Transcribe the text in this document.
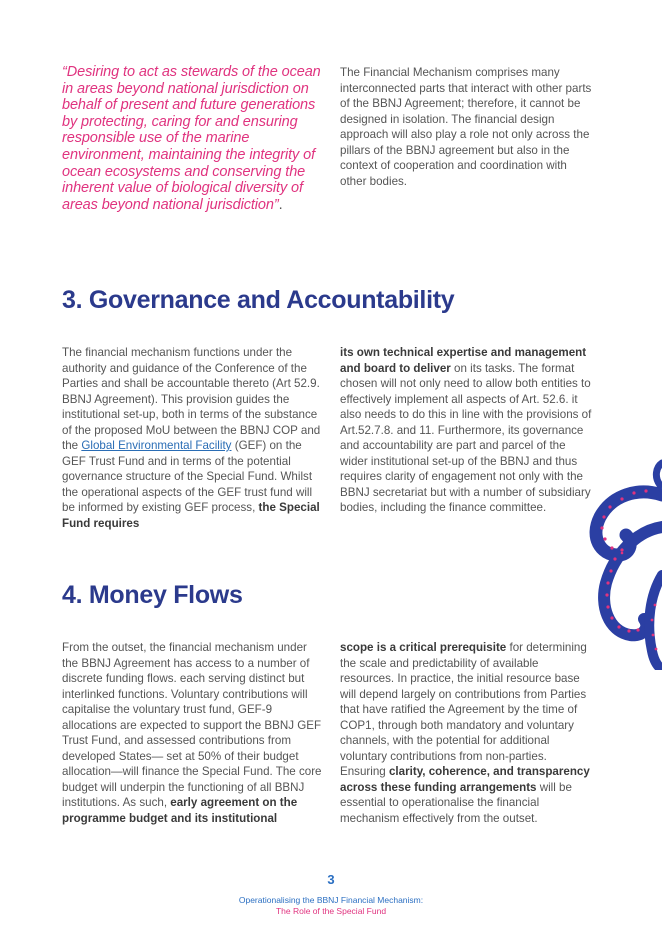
“Desiring to act as stewards of the ocean in areas beyond national jurisdiction on behalf of present and future generations by protecting, caring for and ensuring responsible use of the marine environment, maintaining the integrity of ocean ecosystems and conserving the inherent value of biological diversity of areas beyond national jurisdiction”.

The Financial Mechanism comprises many interconnected parts that interact with other parts of the BBNJ Agreement; therefore, it cannot be designed in isolation. The financial design approach will also play a role not only across the pillars of the BBNJ agreement but also in the context of cooperation and coordination with other bodies.

3. Governance and Accountability

The financial mechanism functions under the authority and guidance of the Conference of the Parties and shall be accountable thereto (Art 52.9. BBNJ Agreement). This provision guides the institutional set-up, both in terms of the substance of the proposed MoU between the BBNJ COP and the Global Environmental Facility (GEF) on the GEF Trust Fund and in terms of the potential governance structure of the Special Fund. Whilst the operational aspects of the GEF trust fund will be informed by existing GEF process, the Special Fund requires

its own technical expertise and management and board to deliver on its tasks. The format chosen will not only need to allow both entities to effectively implement all aspects of Art. 52.6. it also needs to do this in line with the provisions of Art.52.7.8. and 11. Furthermore, its governance and accountability are part and parcel of the wider institutional set-up of the BBNJ and thus requires clarity of engagement not only with the BBNJ secretariat but with a number of subsidiary bodies, including the finance committee.

4. Money Flows

From the outset, the financial mechanism under the BBNJ Agreement has access to a number of discrete funding flows. each serving distinct but interlinked functions. Voluntary contributions will capitalise the voluntary trust fund, GEF-9 allocations are expected to support the BBNJ GEF Trust Fund, and assessed contributions from developed States— set at 50% of their budget allocation—will finance the Special Fund. The core budget will underpin the functioning of all BBNJ institutions. As such, early agreement on the programme budget and its institutional

scope is a critical prerequisite for determining the scale and predictability of available resources. In practice, the initial resource base will depend largely on contributions from Parties that have ratified the Agreement by the time of COP1, through both mandatory and voluntary channels, with the potential for additional voluntary contributions from non-parties. Ensuring clarity, coherence, and transparency across these funding arrangements will be essential to operationalise the financial mechanism effectively from the outset.

3
Operationalising the BBNJ Financial Mechanism:
The Role of the Special Fund
